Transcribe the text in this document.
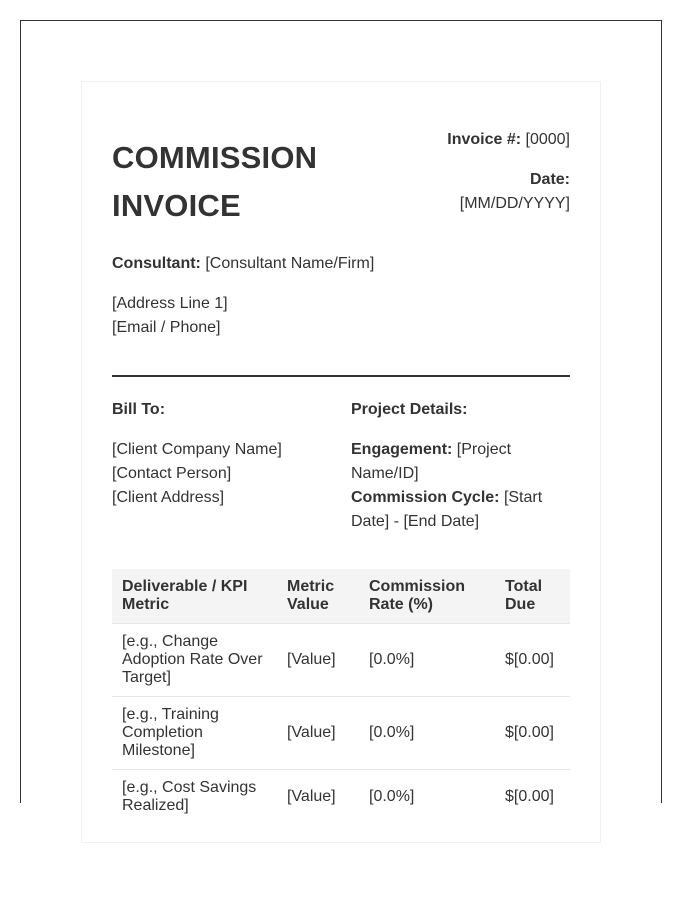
COMMISSION
INVOICE
Invoice #: [0000]
Date:
[MM/DD/YYYY]
Consultant: [Consultant Name/Firm]
[Address Line 1]
[Email / Phone]
Bill To:
[Client Company Name]
[Contact Person]
[Client Address]
Project Details:
Engagement: [Project Name/ID]
Commission Cycle: [Start Date] - [End Date]
Deliverable / KPI Metric	Metric Value	Commission Rate (%)	Total Due
[e.g., Change Adoption Rate Over Target]	[Value]	[0.0%]	$[0.00]
[e.g., Training Completion Milestone]	[Value]	[0.0%]	$[0.00]
[e.g., Cost Savings Realized]	[Value]	[0.0%]	$[0.00]
